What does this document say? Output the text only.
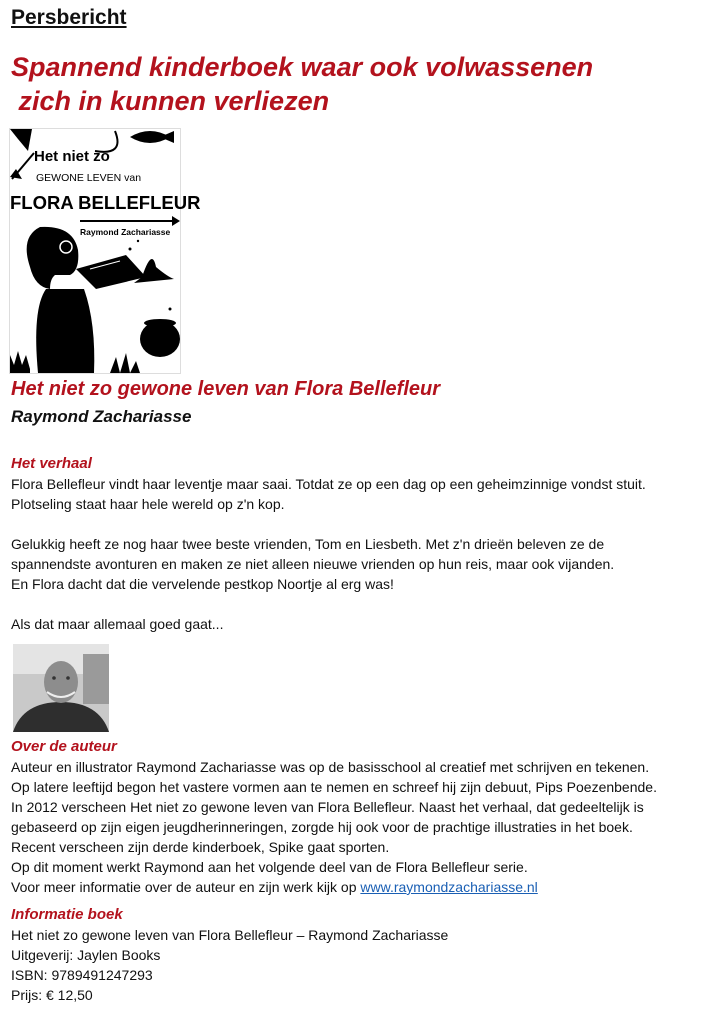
Persbericht
Spannend kinderboek waar ook volwassenen
zich in kunnen verliezen
Het niet zo
GEWONE LEVEN van
FLORA BELLEFLEUR
Raymond Zachariasse
Het niet zo gewone leven van Flora Bellefleur
Raymond Zachariasse
Het verhaal
Flora Bellefleur vindt haar leventje maar saai. Totdat ze op een dag op een geheimzinnige vondst stuit.
Plotseling staat haar hele wereld op z'n kop.
Gelukkig heeft ze nog haar twee beste vrienden, Tom en Liesbeth. Met z'n drieën beleven ze de
spannendste avonturen en maken ze niet alleen nieuwe vrienden op hun reis, maar ook vijanden.
En Flora dacht dat die vervelende pestkop Noortje al erg was!
Als dat maar allemaal goed gaat...
Over de auteur
Auteur en illustrator Raymond Zachariasse was op de basisschool al creatief met schrijven en tekenen.
Op latere leeftijd begon het vastere vormen aan te nemen en schreef hij zijn debuut, Pips Poezenbende.
In 2012 verscheen Het niet zo gewone leven van Flora Bellefleur. Naast het verhaal, dat gedeeltelijk is
gebaseerd op zijn eigen jeugdherinneringen, zorgde hij ook voor de prachtige illustraties in het boek.
Recent verscheen zijn derde kinderboek, Spike gaat sporten.
Op dit moment werkt Raymond aan het volgende deel van de Flora Bellefleur serie.
Voor meer informatie over de auteur en zijn werk kijk op www.raymondzachariasse.nl
Informatie boek
Het niet zo gewone leven van Flora Bellefleur – Raymond Zachariasse
Uitgeverij: Jaylen Books
ISBN: 9789491247293
Prijs: € 12,50
